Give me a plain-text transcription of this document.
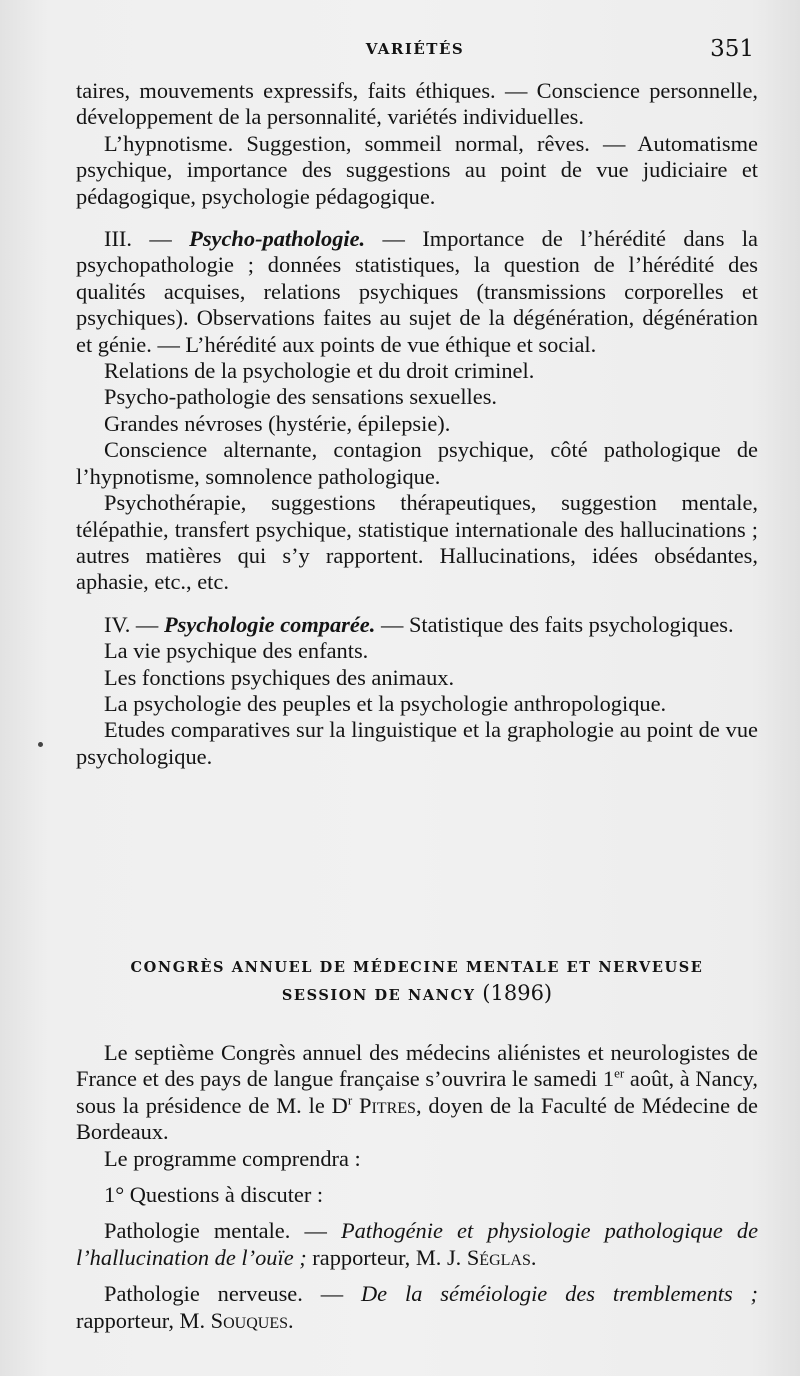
VARIÉTÉS	351

taires, mouvements expressifs, faits éthiques. — Conscience personnelle, développement de la personnalité, variétés individuelles.

L’hypnotisme. Suggestion, sommeil normal, rêves. — Automatisme psychique, importance des suggestions au point de vue judiciaire et pédagogique, psychologie pédagogique.

III. — Psycho-pathologie. — Importance de l’hérédité dans la psychopathologie ; données statistiques, la question de l’hérédité des qualités acquises, relations psychiques (transmissions corporelles et psychiques). Observations faites au sujet de la dégénération, dégénération et génie. — L’hérédité aux points de vue éthique et social.

Relations de la psychologie et du droit criminel.

Psycho-pathologie des sensations sexuelles.

Grandes névroses (hystérie, épilepsie).

Conscience alternante, contagion psychique, côté pathologique de l’hypnotisme, somnolence pathologique.

Psychothérapie, suggestions thérapeutiques, suggestion mentale, télépathie, transfert psychique, statistique internationale des hallucinations ; autres matières qui s’y rapportent. Hallucinations, idées obsédantes, aphasie, etc., etc.

IV. — Psychologie comparée. — Statistique des faits psychologiques.

La vie psychique des enfants.

Les fonctions psychiques des animaux.

La psychologie des peuples et la psychologie anthropologique.

Etudes comparatives sur la linguistique et la graphologie au point de vue psychologique.

CONGRÈS ANNUEL DE MÉDECINE MENTALE ET NERVEUSE
SESSION DE NANCY (1896)

Le septième Congrès annuel des médecins aliénistes et neurologistes de France et des pays de langue française s’ouvrira le samedi 1er août, à Nancy, sous la présidence de M. le $D^r$ Pitres, doyen de la Faculté de Médecine de Bordeaux.

Le programme comprendra :

1° Questions à discuter :

Pathologie mentale. — Pathogénie et physiologie pathologique de l’hallucination de l’ouïe ; rapporteur, M. J. Séglas.

Pathologie nerveuse. — De la séméiologie des tremblements ; rapporteur, M. Souques.
